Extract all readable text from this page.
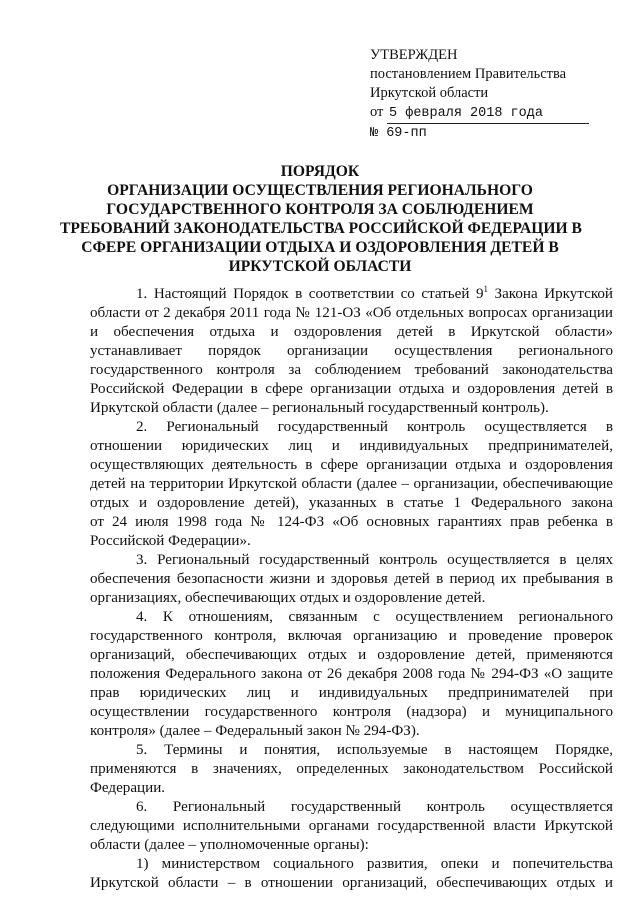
УТВЕРЖДЕН
постановлением Правительства
Иркутской области
от 5 февраля 2018 года
№ 69-пп
ПОРЯДОК
ОРГАНИЗАЦИИ ОСУЩЕСТВЛЕНИЯ РЕГИОНАЛЬНОГО
ГОСУДАРСТВЕННОГО КОНТРОЛЯ ЗА СОБЛЮДЕНИЕМ
ТРЕБОВАНИЙ ЗАКОНОДАТЕЛЬСТВА РОССИЙСКОЙ ФЕДЕРАЦИИ В
СФЕРЕ ОРГАНИЗАЦИИ ОТДЫХА И ОЗДОРОВЛЕНИЯ ДЕТЕЙ В
ИРКУТСКОЙ ОБЛАСТИ
1. Настоящий Порядок в соответствии со статьей $9^1$ Закона Иркутской
области от 2 декабря 2011 года № 121-ОЗ «Об отдельных вопросах организации
и обеспечения отдыха и оздоровления детей в Иркутской области»
устанавливает порядок организации осуществления регионального
государственного контроля за соблюдением требований законодательства
Российской Федерации в сфере организации отдыха и оздоровления детей в
Иркутской области (далее – региональный государственный контроль).
2. Региональный государственный контроль осуществляется в
отношении юридических лиц и индивидуальных предпринимателей,
осуществляющих деятельность в сфере организации отдыха и оздоровления
детей на территории Иркутской области (далее – организации, обеспечивающие
отдых и оздоровление детей), указанных в статье 1 Федерального закона
от 24 июля 1998 года № 124-ФЗ «Об основных гарантиях прав ребенка в
Российской Федерации».
3. Региональный государственный контроль осуществляется в целях
обеспечения безопасности жизни и здоровья детей в период их пребывания в
организациях, обеспечивающих отдых и оздоровление детей.
4. К отношениям, связанным с осуществлением регионального
государственного контроля, включая организацию и проведение проверок
организаций, обеспечивающих отдых и оздоровление детей, применяются
положения Федерального закона от 26 декабря 2008 года № 294-ФЗ «О защите
прав юридических лиц и индивидуальных предпринимателей при
осуществлении государственного контроля (надзора) и муниципального
контроля» (далее – Федеральный закон № 294-ФЗ).
5. Термины и понятия, используемые в настоящем Порядке,
применяются в значениях, определенных законодательством Российской
Федерации.
6. Региональный государственный контроль осуществляется
следующими исполнительными органами государственной власти Иркутской
области (далее – уполномоченные органы):
1) министерством социального развития, опеки и попечительства
Иркутской области – в отношении организаций, обеспечивающих отдых и
